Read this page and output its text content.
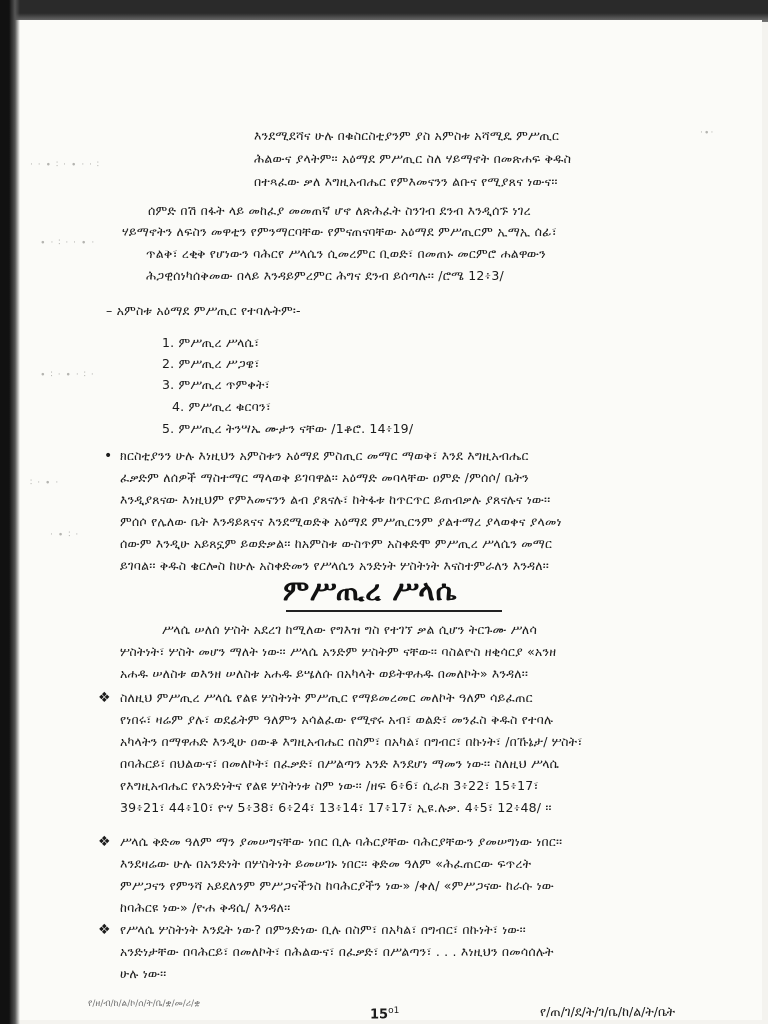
· · ∙ ∶ · ∙ · · ∶
∙ · ∶ · · ∙ ·
∙ ∶ · ∙ · ∶ ·
∶ · ∙ ·
· ∙ ∶ ·
·∙·
እንደሚደሻና ሁሉ በቁስርስቲያንም ያስ አምስቱ አሻሚዴ ምሥጢር
ሕልውና ያላትም፡፡ አዕማደ ምሥጢር ስለ ሃይማኖት በመጽሐፍ ቅዱስ
በተጻፈው ቃለ እግዚአብሔር የምእመናንን ልቡና የሚያጸና ነውና፡፡
ሰምድ በሽ በፋት ላይ መከፈያ መመጠኛ ሆኖ ለጽሕፈት ስንገብ ደንብ እንዲሰኙ ነገረ
ሃይማኖትን ለፍስን መዋቲን የምንማርባቸው የምናጠናባቸው አዕማደ ምሥጢርም ኢማኢ ሰፊ፣
ጥልቅ፣ ረቂቅ የሆነውን ባሕርየ ሥላሴን ሲመረምር ቢወድ፣ በመጠኑ መርምሮ ሐልዋውን
ሕጋዊሰነካሰቅመው በላይ እንዳይምረምር ሕግና ደንብ ይሰጣሉ፡፡ /ሮሜ 12፥3/
– አምስቱ አዕማደ ምሥጢር የተባሉትም፡-
1. ምሥጢረ ሥላሴ፣
2. ምሥጢረ ሥጋዌ፣
3. ምሥጢረ ጥምቀት፣
4. ምሥጢረ ቁርባን፣
5. ምሥጢረ ትንሣኤ ሙታን ናቸው /1ቆሮ. 14፥19/
• ክርስቲያንን ሁሉ እነዚህን አምስቱን አዕማደ ምስጢር መማር ማወቅ፣ እንደ እግዚአብሔር
ፈቃድም ለሰዎች ማስተማር ማላወቅ ይገባዋል፡፡ አዕማድ መባላቸው ዐምድ /ምሰሶ/ ቤትን
እንዲያጸናው እነዚህም የምእመናንን ልብ ያጸናሉ፣ ከትፋቱ ከጥርጥር ይጠብቃሉ ያጸናሉና ነው፡፡
ምሰሶ የሌለው ቤት እንዳይጸናና እንደሚወድቅ አዕማደ ምሥጢርንም ያልተማረ ያላወቀና ያላመነ
ሰውም እንዲሁ አይጸኗም ይወድቃል፡፡ ከአምስቱ ውስጥም አስቀድሞ ምሥጢረ ሥላሴን መማር
ይገባል፡፡ ቅዱስ ቄርሎስ ከሁሉ አስቀድመን የሥላሴን አንድነት ሦስትነት እናስተምራለን እንዳለ፡፡
ምሥጢረ ሥላሴ
ሥላሴ ሠለሰ ሦስት አደረገ ከሚለው የግእዝ ግስ የተገኘ ቃል ሲሆን ትርጉሙ ሥለሳ
ሦስትነት፣ ሦስት መሆን ማለት ነው፡፡ ሥላሴ አንድም ሦስትም ናቸው፡፡ ባስልዮስ ዘቂሳርያ «አንዘ
አሐዱ ሠለስቱ ወእንዘ ሠለስቱ አሐዱ ይሤለሱ በአካላት ወይትዋሐዱ በመለኮት» እንዳለ፡፡
❖ ስለዚህ ምሥጢረ ሥላሴ የልዩ ሦስትነት ምሥጢር የማይመረመር መለኮት ዓለም ሳይፈጠር
የነበሩ፣ ዛሬም ያሉ፣ ወደፊትም ዓለምን አሳልፈው የሚኖሩ አብ፣ ወልድ፣ መንፈስ ቅዱስ የተባሉ
አካላትን በማዋሐድ እንዲሁ ዐውቆ እግዚአብሔር በስም፣ በአካል፣ በግብር፣ በኩነት፣ /በኹኔታ/ ሦስት፣
በባሕርይ፣ በህልውና፣ በመለኮት፣ በፈቃድ፣ በሥልጣን አንድ እንደሆነ ማመን ነው፡፡ ስለዚህ ሥላሴ
የእግዚአብሔር የአንድነትና የልዩ ሦስትነቱ ስም ነው፡፡ /ዘፍ 6፥6፣ ሲራክ 3፥22፣ 15፥17፣
39፥21፣ 44፥10፣ ዮሃ 5፥38፣ 6፥24፣ 13፥14፣ 17፥17፣ ኢዩ.ሉቃ. 4፥5፣ 12፥48/ ፡፡
❖ ሥላሴ ቅድመ ዓለም ማን ያመሠግናቸው ነበር ቢሉ ባሕርያቸው ባሕርያቸውን ያመሠግነው ነበር፡፡
እንደዛሬው ሁሉ በአንድነት በሦስትነት ይመሠገኑ ነበር፡፡ ቅድመ ዓለም «ሕፈጠርው ፍጥረት
ምሥጋናን የምንሻ አይደለንም ምሥጋናችንስ ከባሕርያችን ነው» /ቀለ/ «ምሥጋናው ከራሱ ነው
ከባሕርዩ ነው» /ዮሐ ቅዳሴ/ እንዳለ፡፡
❖ የሥላሴ ሦስትነት እንዴት ነው? በምንድነው ቢሉ በስም፣ በአካል፣ በግብር፣ በኩነት፣ ነው፡፡
አንድነታቸው በባሕርይ፣ በመለኮት፣ በሕልውና፣ በፈቃድ፣ በሥልጣን፣ . . . እነዚህን በመሳሰሉት
ሁሉ ነው፡፡
የ/ዘ/ብ/ከ/ል/ኮ/ሰ/ት/ቤ/ቋ/መ/ሪ/ቋ
$15^{o1}$	የ/ጠ/ገ/ደ/ት/ገ/ቤ/ከ/ል/ት/ቤት
